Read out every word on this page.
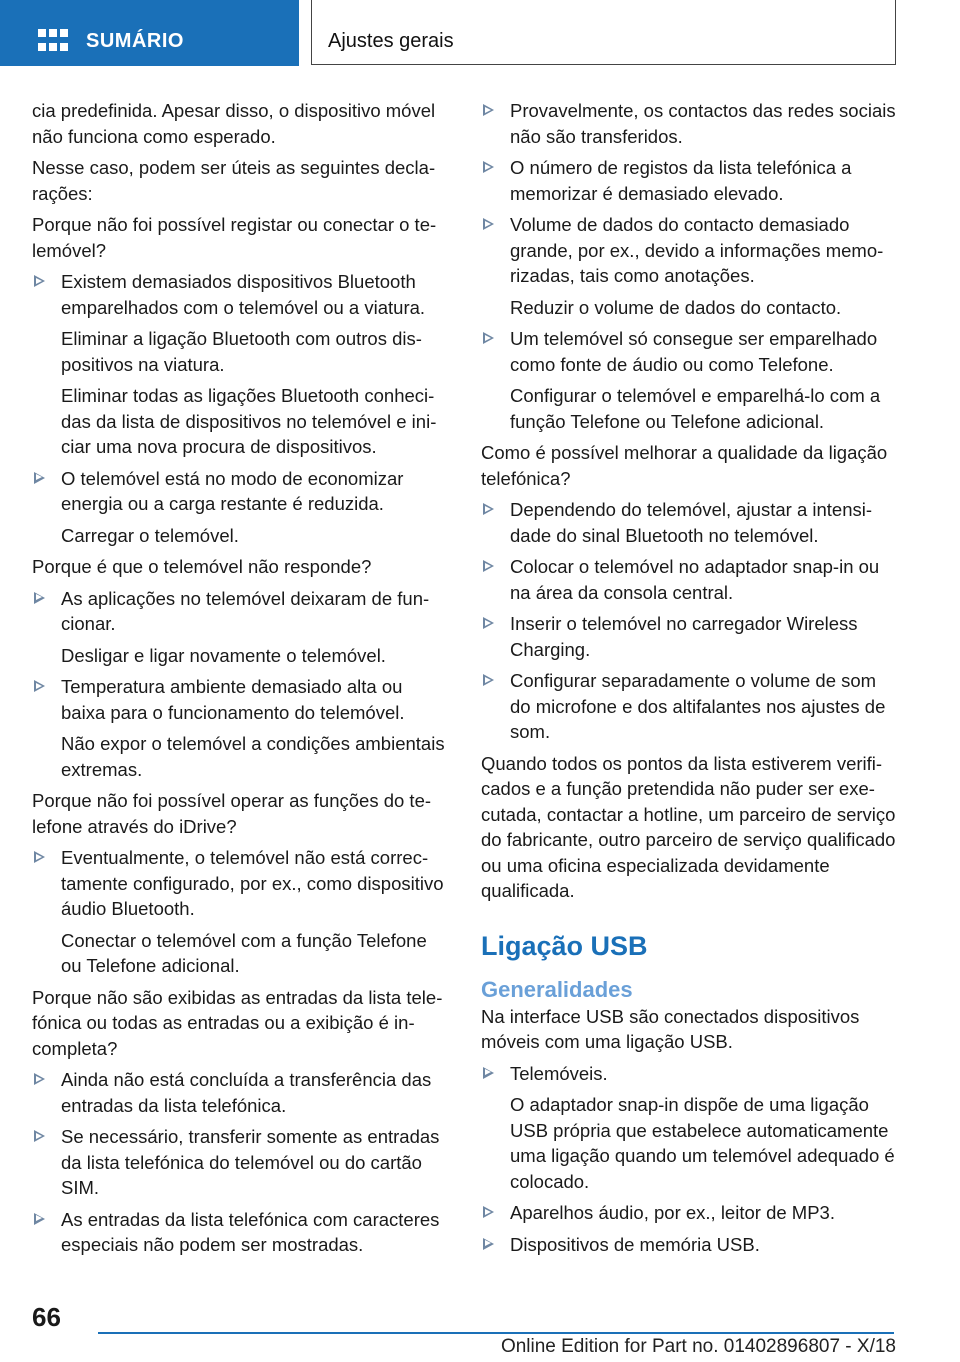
SUMÁRIO	Ajustes gerais

cia predefinida. Apesar disso, o dispositivo móvel não funciona como esperado.

Nesse caso, podem ser úteis as seguintes declarações:

Porque não foi possível registar ou conectar o telemóvel?

Existem demasiados dispositivos Bluetooth emparelhados com o telemóvel ou a viatura.

Eliminar a ligação Bluetooth com outros dispositivos na viatura.

Eliminar todas as ligações Bluetooth conhecidas da lista de dispositivos no telemóvel e iniciar uma nova procura de dispositivos.

O telemóvel está no modo de economizar energia ou a carga restante é reduzida.

Carregar o telemóvel.

Porque é que o telemóvel não responde?

As aplicações no telemóvel deixaram de funcionar.

Desligar e ligar novamente o telemóvel.

Temperatura ambiente demasiado alta ou baixa para o funcionamento do telemóvel.

Não expor o telemóvel a condições ambientais extremas.

Porque não foi possível operar as funções do telefone através do iDrive?

Eventualmente, o telemóvel não está correctamente configurado, por ex., como dispositivo áudio Bluetooth.

Conectar o telemóvel com a função Telefone ou Telefone adicional.

Porque não são exibidas as entradas da lista telefónica ou todas as entradas ou a exibição é incompleta?

Ainda não está concluída a transferência das entradas da lista telefónica.

Se necessário, transferir somente as entradas da lista telefónica do telemóvel ou do cartão SIM.

As entradas da lista telefónica com caracteres especiais não podem ser mostradas.

Provavelmente, os contactos das redes sociais não são transferidos.

O número de registos da lista telefónica a memorizar é demasiado elevado.

Volume de dados do contacto demasiado grande, por ex., devido a informações memorizadas, tais como anotações.

Reduzir o volume de dados do contacto.

Um telemóvel só consegue ser emparelhado como fonte de áudio ou como Telefone.

Configurar o telemóvel e emparelhá-lo com a função Telefone ou Telefone adicional.

Como é possível melhorar a qualidade da ligação telefónica?

Dependendo do telemóvel, ajustar a intensidade do sinal Bluetooth no telemóvel.

Colocar o telemóvel no adaptador snap-in ou na área da consola central.

Inserir o telemóvel no carregador Wireless Charging.

Configurar separadamente o volume de som do microfone e dos altifalantes nos ajustes de som.

Quando todos os pontos da lista estiverem verificados e a função pretendida não puder ser executada, contactar a hotline, um parceiro de serviço do fabricante, outro parceiro de serviço qualificado ou uma oficina especializada devidamente qualificada.

Ligação USB
Generalidades

Na interface USB são conectados dispositivos móveis com uma ligação USB.

Telemóveis.

O adaptador snap-in dispõe de uma ligação USB própria que estabelece automaticamente uma ligação quando um telemóvel adequado é colocado.

Aparelhos áudio, por ex., leitor de MP3.

Dispositivos de memória USB.

66
Online Edition for Part no. 01402896807 - X/18
